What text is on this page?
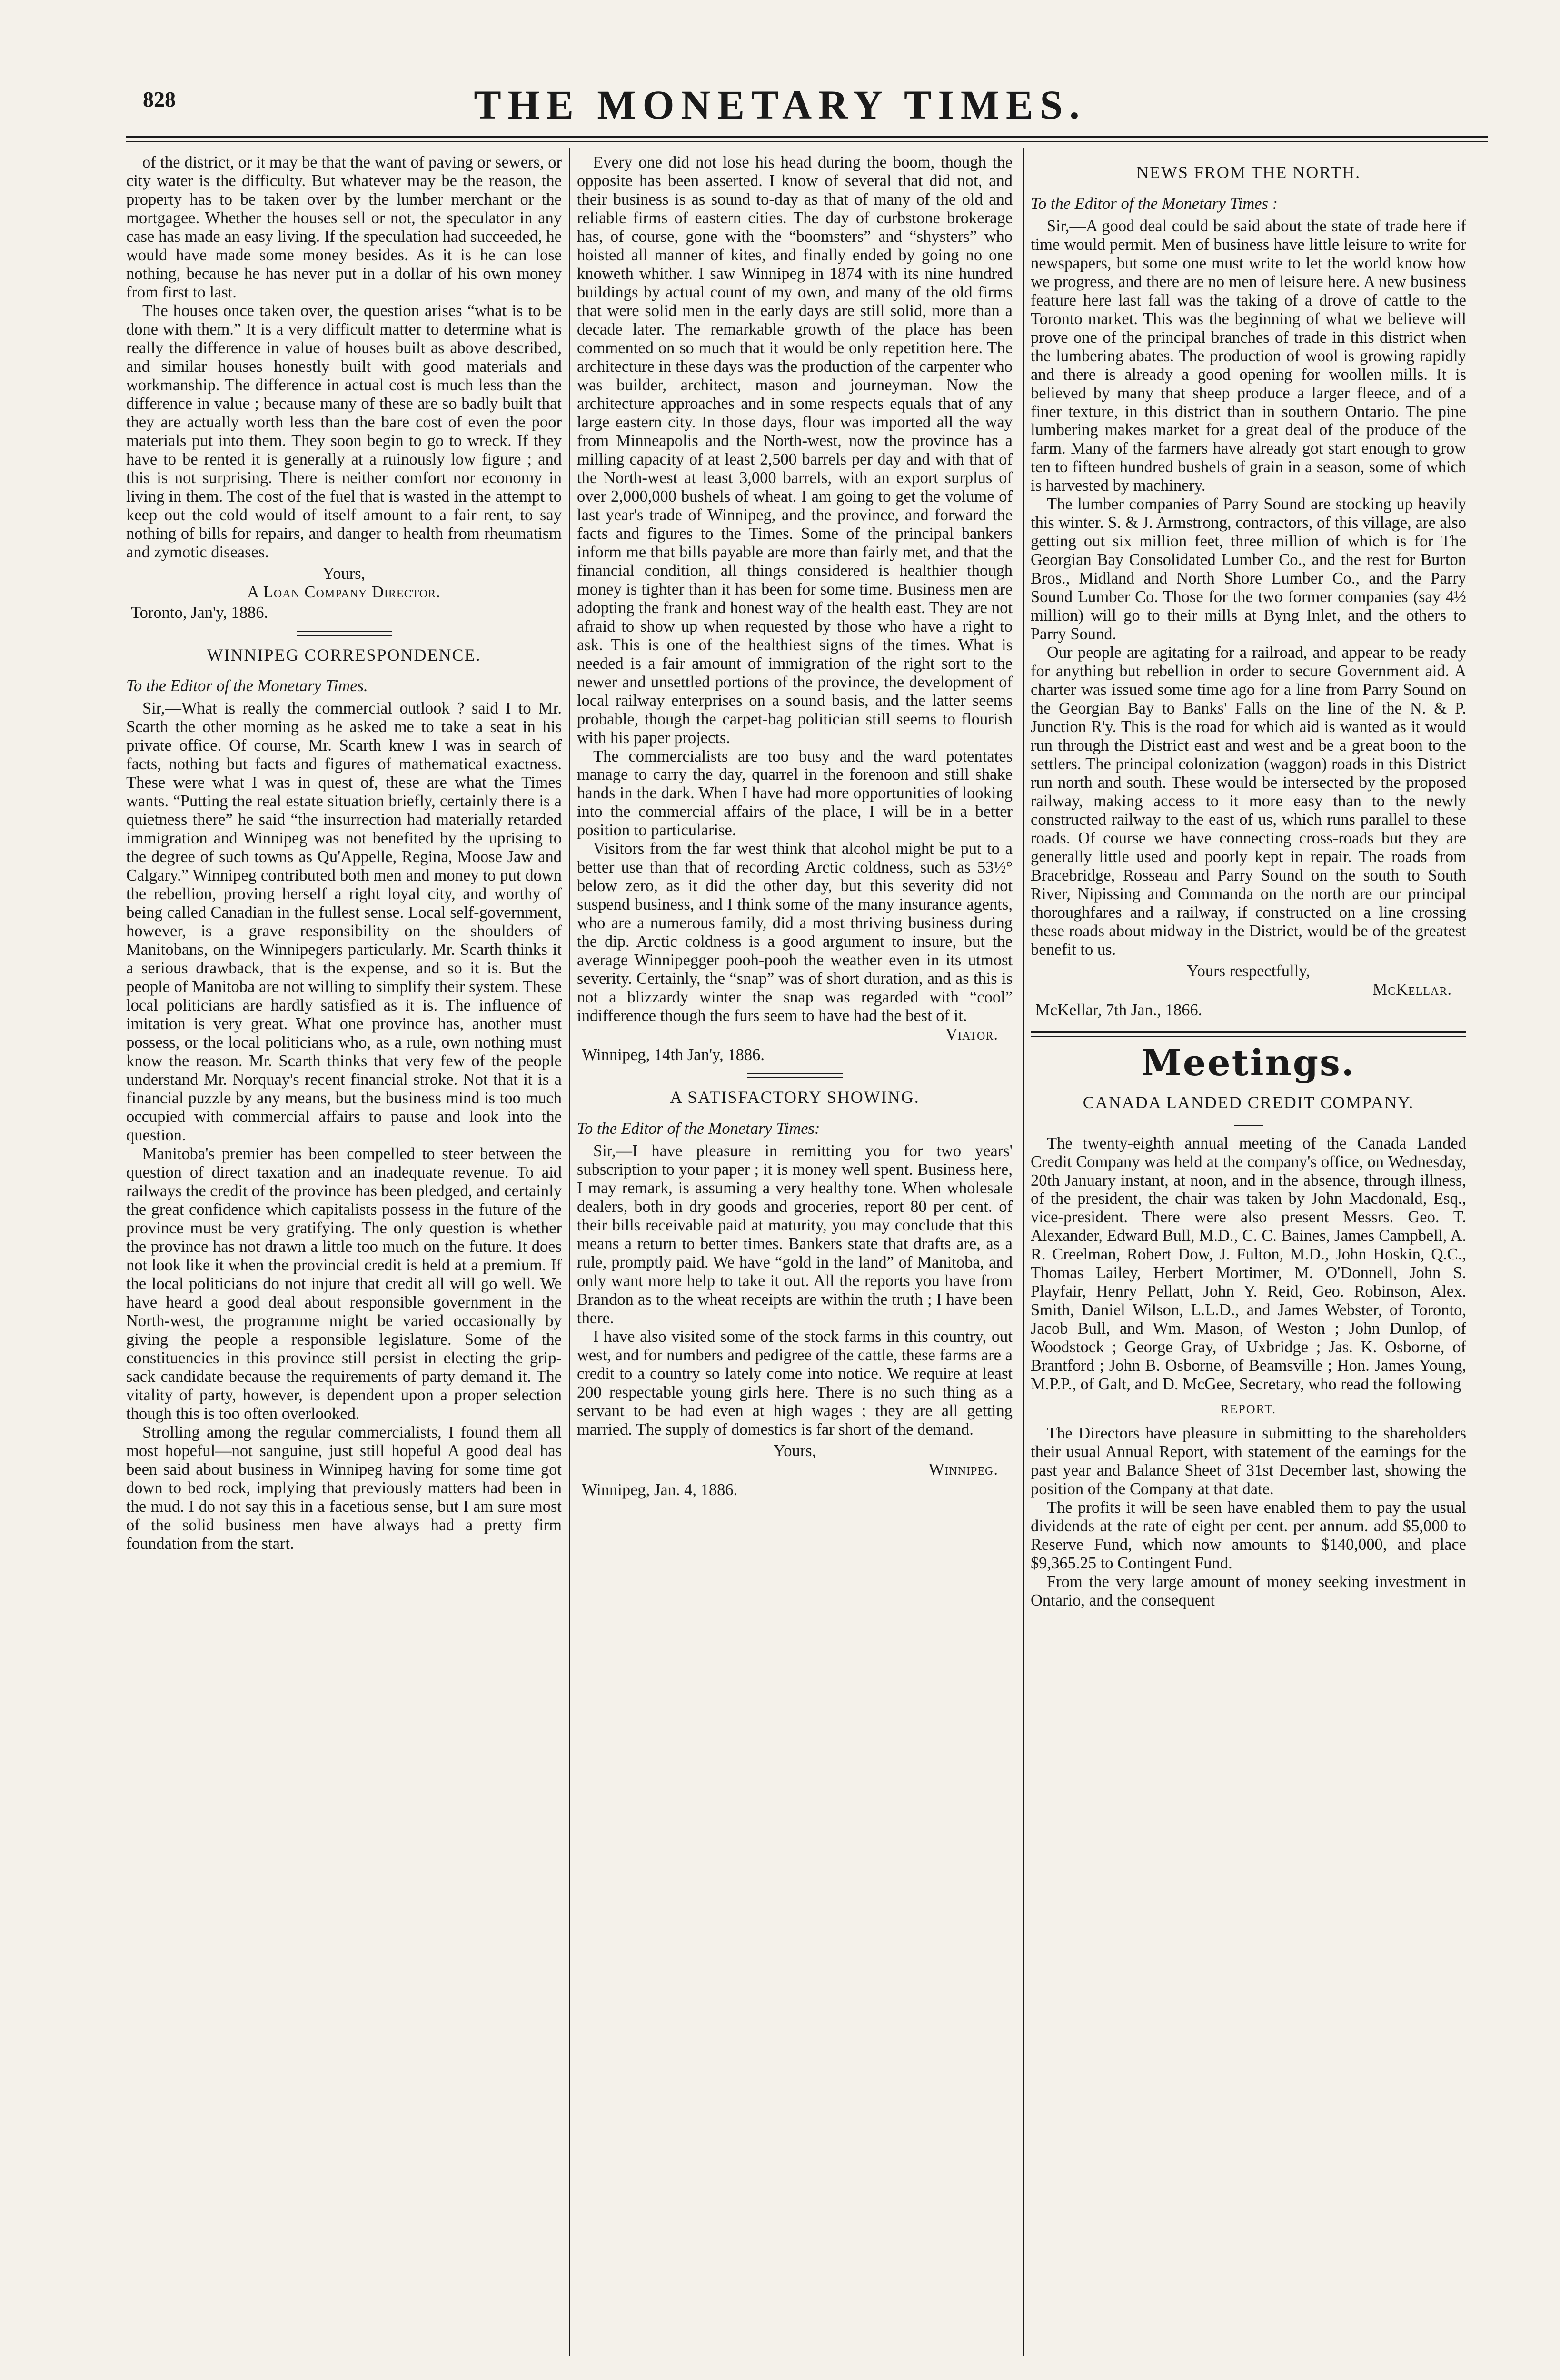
828	THE MONETARY TIMES.

of the district, or it may be that the want of paving or sewers, or city water is the difficulty. But whatever may be the reason, the property has to be taken over by the lumber merchant or the mortgagee. Whether the houses sell or not, the speculator in any case has made an easy living. If the speculation had succeeded, he would have made some money besides. As it is he can lose nothing, because he has never put in a dollar of his own money from first to last.

The houses once taken over, the question arises “what is to be done with them.” It is a very difficult matter to determine what is really the difference in value of houses built as above described, and similar houses honestly built with good materials and workmanship. The difference in actual cost is much less than the difference in value ; because many of these are so badly built that they are actually worth less than the bare cost of even the poor materials put into them. They soon begin to go to wreck. If they have to be rented it is generally at a ruinously low figure ; and this is not surprising. There is neither comfort nor economy in living in them. The cost of the fuel that is wasted in the attempt to keep out the cold would of itself amount to a fair rent, to say nothing of bills for repairs, and danger to health from rheumatism and zymotic diseases.

Yours,

A Loan Company Director.

Toronto, Jan'y, 1886.

WINNIPEG CORRESPONDENCE.

To the Editor of the Monetary Times.

Sir,—What is really the commercial outlook ? said I to Mr. Scarth the other morning as he asked me to take a seat in his private office. Of course, Mr. Scarth knew I was in search of facts, nothing but facts and figures of mathematical exactness. These were what I was in quest of, these are what the Times wants. “Putting the real estate situation briefly, certainly there is a quietness there” he said “the insurrection had materially retarded immigration and Winnipeg was not benefited by the uprising to the degree of such towns as Qu'Appelle, Regina, Moose Jaw and Calgary.” Winnipeg contributed both men and money to put down the rebellion, proving herself a right loyal city, and worthy of being called Canadian in the fullest sense. Local self-government, however, is a grave responsibility on the shoulders of Manitobans, on the Winnipegers particularly. Mr. Scarth thinks it a serious drawback, that is the expense, and so it is. But the people of Manitoba are not willing to simplify their system. These local politicians are hardly satisfied as it is. The influence of imitation is very great. What one province has, another must possess, or the local politicians who, as a rule, own nothing must know the reason. Mr. Scarth thinks that very few of the people understand Mr. Norquay's recent financial stroke. Not that it is a financial puzzle by any means, but the business mind is too much occupied with commercial affairs to pause and look into the question.

Manitoba's premier has been compelled to steer between the question of direct taxation and an inadequate revenue. To aid railways the credit of the province has been pledged, and certainly the great confidence which capitalists possess in the future of the province must be very gratifying. The only question is whether the province has not drawn a little too much on the future. It does not look like it when the provincial credit is held at a premium. If the local politicians do not injure that credit all will go well. We have heard a good deal about responsible government in the North-west, the programme might be varied occasionally by giving the people a responsible legislature. Some of the constituencies in this province still persist in electing the grip-sack candidate because the requirements of party demand it. The vitality of party, however, is dependent upon a proper selection though this is too often overlooked.

Strolling among the regular commercialists, I found them all most hopeful—not sanguine, just still hopeful A good deal has been said about business in Winnipeg having for some time got down to bed rock, implying that previously matters had been in the mud. I do not say this in a facetious sense, but I am sure most of the solid business men have always had a pretty firm foundation from the start.

Every one did not lose his head during the boom, though the opposite has been asserted. I know of several that did not, and their business is as sound to-day as that of many of the old and reliable firms of eastern cities. The day of curbstone brokerage has, of course, gone with the “boomsters” and “shysters” who hoisted all manner of kites, and finally ended by going no one knoweth whither. I saw Winnipeg in 1874 with its nine hundred buildings by actual count of my own, and many of the old firms that were solid men in the early days are still solid, more than a decade later. The remarkable growth of the place has been commented on so much that it would be only repetition here. The architecture in these days was the production of the carpenter who was builder, architect, mason and journeyman. Now the architecture approaches and in some respects equals that of any large eastern city. In those days, flour was imported all the way from Minneapolis and the North-west, now the province has a milling capacity of at least 2,500 barrels per day and with that of the North-west at least 3,000 barrels, with an export surplus of over 2,000,000 bushels of wheat. I am going to get the volume of last year's trade of Winnipeg, and the province, and forward the facts and figures to the Times. Some of the principal bankers inform me that bills payable are more than fairly met, and that the financial condition, all things considered is healthier though money is tighter than it has been for some time. Business men are adopting the frank and honest way of the health east. They are not afraid to show up when requested by those who have a right to ask. This is one of the healthiest signs of the times. What is needed is a fair amount of immigration of the right sort to the newer and unsettled portions of the province, the development of local railway enterprises on a sound basis, and the latter seems probable, though the carpet-bag politician still seems to flourish with his paper projects.

The commercialists are too busy and the ward potentates manage to carry the day, quarrel in the forenoon and still shake hands in the dark. When I have had more opportunities of looking into the commercial affairs of the place, I will be in a better position to particularise.

Visitors from the far west think that alcohol might be put to a better use than that of recording Arctic coldness, such as 53½° below zero, as it did the other day, but this severity did not suspend business, and I think some of the many insurance agents, who are a numerous family, did a most thriving business during the dip. Arctic coldness is a good argument to insure, but the average Winnipegger pooh-pooh the weather even in its utmost severity. Certainly, the “snap” was of short duration, and as this is not a blizzardy winter the snap was regarded with “cool” indifference though the furs seem to have had the best of it.

Viator.

Winnipeg, 14th Jan'y, 1886.

A SATISFACTORY SHOWING.

To the Editor of the Monetary Times:

Sir,—I have pleasure in remitting you for two years' subscription to your paper ; it is money well spent. Business here, I may remark, is assuming a very healthy tone. When wholesale dealers, both in dry goods and groceries, report 80 per cent. of their bills receivable paid at maturity, you may conclude that this means a return to better times. Bankers state that drafts are, as a rule, promptly paid. We have “gold in the land” of Manitoba, and only want more help to take it out. All the reports you have from Brandon as to the wheat receipts are within the truth ; I have been there.

I have also visited some of the stock farms in this country, out west, and for numbers and pedigree of the cattle, these farms are a credit to a country so lately come into notice. We require at least 200 respectable young girls here. There is no such thing as a servant to be had even at high wages ; they are all getting married. The supply of domestics is far short of the demand.

Yours,

Winnipeg.

Winnipeg, Jan. 4, 1886.

NEWS FROM THE NORTH.

To the Editor of the Monetary Times :

Sir,—A good deal could be said about the state of trade here if time would permit. Men of business have little leisure to write for newspapers, but some one must write to let the world know how we progress, and there are no men of leisure here. A new business feature here last fall was the taking of a drove of cattle to the Toronto market. This was the beginning of what we believe will prove one of the principal branches of trade in this district when the lumbering abates. The production of wool is growing rapidly and there is already a good opening for woollen mills. It is believed by many that sheep produce a larger fleece, and of a finer texture, in this district than in southern Ontario. The pine lumbering makes market for a great deal of the produce of the farm. Many of the farmers have already got start enough to grow ten to fifteen hundred bushels of grain in a season, some of which is harvested by machinery.

The lumber companies of Parry Sound are stocking up heavily this winter. S. & J. Armstrong, contractors, of this village, are also getting out six million feet, three million of which is for The Georgian Bay Consolidated Lumber Co., and the rest for Burton Bros., Midland and North Shore Lumber Co., and the Parry Sound Lumber Co. Those for the two former companies (say 4½ million) will go to their mills at Byng Inlet, and the others to Parry Sound.

Our people are agitating for a railroad, and appear to be ready for anything but rebellion in order to secure Government aid. A charter was issued some time ago for a line from Parry Sound on the Georgian Bay to Banks' Falls on the line of the N. & P. Junction R'y. This is the road for which aid is wanted as it would run through the District east and west and be a great boon to the settlers. The principal colonization (waggon) roads in this District run north and south. These would be intersected by the proposed railway, making access to it more easy than to the newly constructed railway to the east of us, which runs parallel to these roads. Of course we have connecting cross-roads but they are generally little used and poorly kept in repair. The roads from Bracebridge, Rosseau and Parry Sound on the south to South River, Nipissing and Commanda on the north are our principal thoroughfares and a railway, if constructed on a line crossing these roads about midway in the District, would be of the greatest benefit to us.

Yours respectfully,

McKellar.

McKellar, 7th Jan., 1866.

Meetings.

CANADA LANDED CREDIT COMPANY.

The twenty-eighth annual meeting of the Canada Landed Credit Company was held at the company's office, on Wednesday, 20th January instant, at noon, and in the absence, through illness, of the president, the chair was taken by John Macdonald, Esq., vice-president. There were also present Messrs. Geo. T. Alexander, Edward Bull, M.D., C. C. Baines, James Campbell, A. R. Creelman, Robert Dow, J. Fulton, M.D., John Hoskin, Q.C., Thomas Lailey, Herbert Mortimer, M. O'Donnell, John S. Playfair, Henry Pellatt, John Y. Reid, Geo. Robinson, Alex. Smith, Daniel Wilson, L.L.D., and James Webster, of Toronto, Jacob Bull, and Wm. Mason, of Weston ; John Dunlop, of Woodstock ; George Gray, of Uxbridge ; Jas. K. Osborne, of Brantford ; John B. Osborne, of Beamsville ; Hon. James Young, M.P.P., of Galt, and D. McGee, Secretary, who read the following

REPORT.

The Directors have pleasure in submitting to the shareholders their usual Annual Report, with statement of the earnings for the past year and Balance Sheet of 31st December last, showing the position of the Company at that date.

The profits it will be seen have enabled them to pay the usual dividends at the rate of eight per cent. per annum. add $5,000 to Reserve Fund, which now amounts to $140,000, and place $9,365.25 to Contingent Fund.

From the very large amount of money seeking investment in Ontario, and the consequent
